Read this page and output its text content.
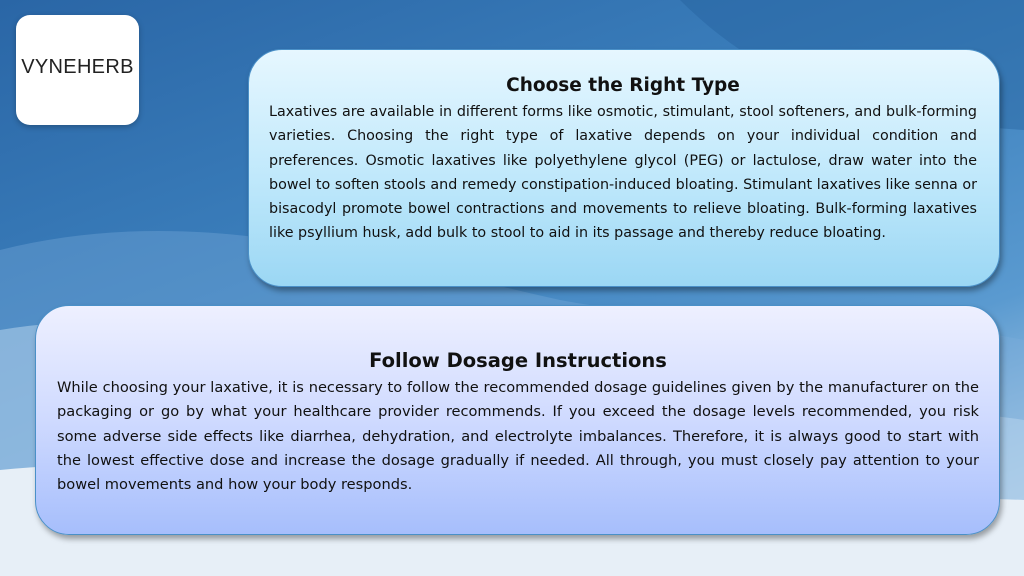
VYNEHERB
Choose the Right Type

Laxatives are available in different forms like osmotic, stimulant, stool softeners, and bulk-forming varieties. Choosing the right type of laxative depends on your individual condition and preferences. Osmotic laxatives like polyethylene glycol (PEG) or lactulose, draw water into the bowel to soften stools and remedy constipation-induced bloating. Stimulant laxatives like senna or bisacodyl promote bowel contractions and movements to relieve bloating. Bulk-forming laxatives like psyllium husk, add bulk to stool to aid in its passage and thereby reduce bloating.

Follow Dosage Instructions

While choosing your laxative, it is necessary to follow the recommended dosage guidelines given by the manufacturer on the packaging or go by what your healthcare provider recommends. If you exceed the dosage levels recommended, you risk some adverse side effects like diarrhea, dehydration, and electrolyte imbalances. Therefore, it is always good to start with the lowest effective dose and increase the dosage gradually if needed. All through, you must closely pay attention to your bowel movements and how your body responds.
